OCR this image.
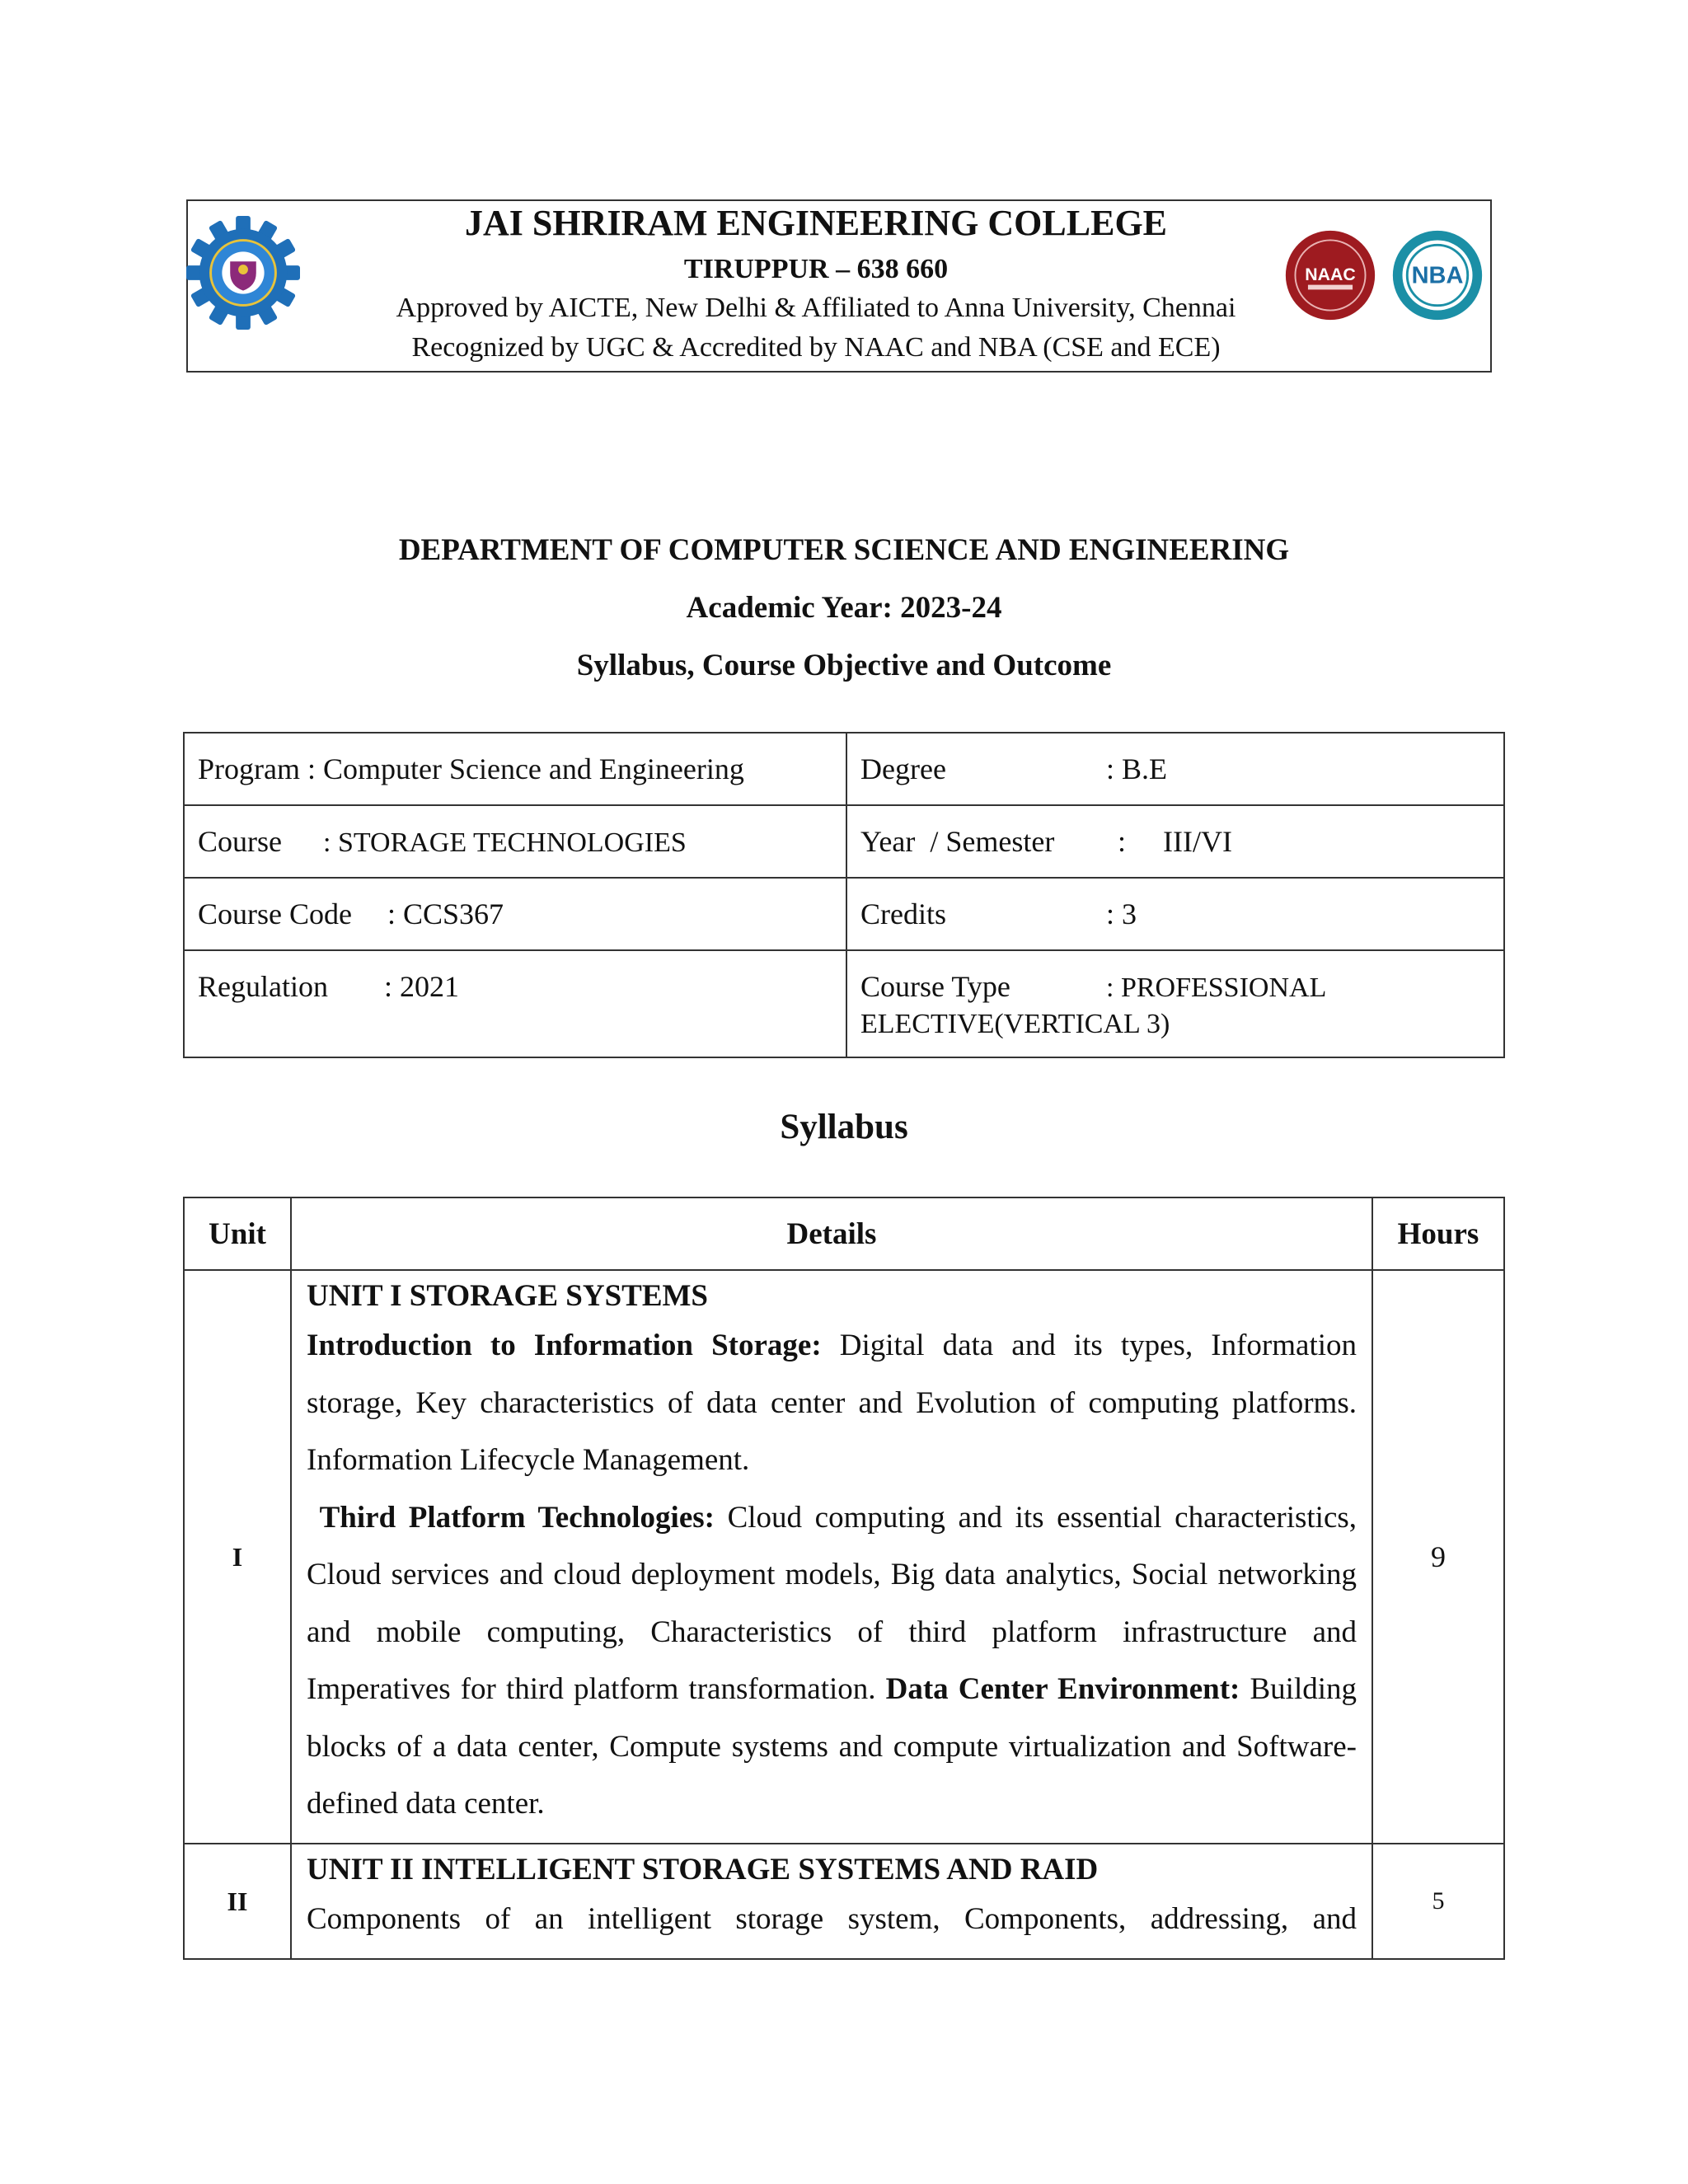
NAAC NBA
JAI SHRIRAM ENGINEERING COLLEGE
TIRUPPUR – 638 660
Approved by AICTE, New Delhi & Affiliated to Anna University, Chennai
Recognized by UGC & Accredited by NAAC and NBA (CSE and ECE)
DEPARTMENT OF COMPUTER SCIENCE AND ENGINEERING
Academic Year: 2023-24
Syllabus, Course Objective and Outcome
Program : Computer Science and Engineering	Degree : B.E
Course : STORAGE TECHNOLOGIES	Year  / Semester :     III/VI
Course Code : CCS367	Credits : 3
Regulation : 2021	Course Type : PROFESSIONAL
ELECTIVE(VERTICAL 3)
Syllabus
Unit	Details	Hours
I	UNIT I STORAGE SYSTEMS

Introduction to Information Storage: Digital data and its types, Information storage, Key characteristics of data center and Evolution of computing platforms. Information Lifecycle Management.

Third Platform Technologies: Cloud computing and its essential characteristics, Cloud services and cloud deployment models, Big data analytics, Social networking and mobile computing, Characteristics of third platform infrastructure and Imperatives for third platform transformation. Data Center Environment: Building blocks of a data center, Compute systems and compute virtualization and Software-defined data center.	9
II	UNIT II INTELLIGENT STORAGE SYSTEMS AND RAID

Components of an intelligent storage system, Components, addressing, and	5
